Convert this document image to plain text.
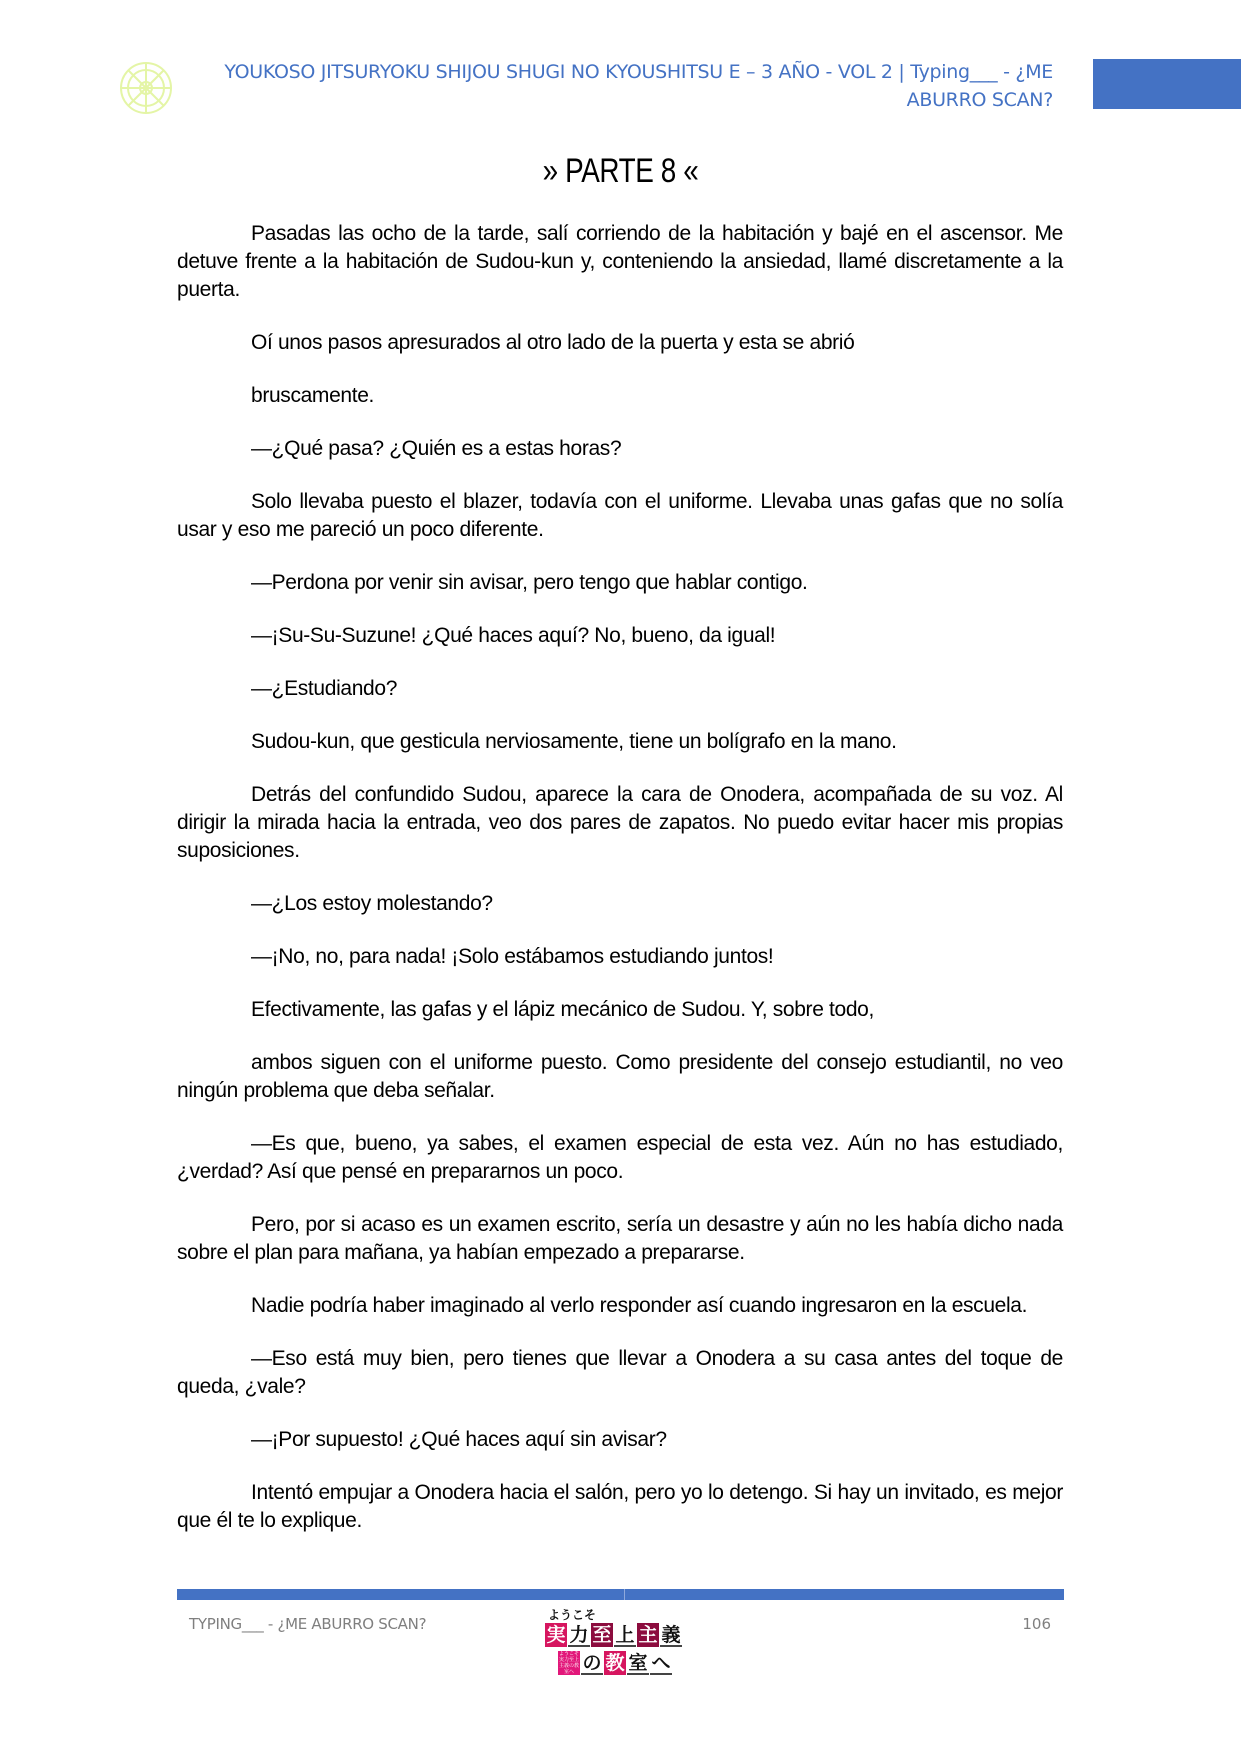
YOUKOSO JITSURYOKU SHIJOU SHUGI NO KYOUSHITSU E – 3 AÑO - VOL 2 | Typing___ - ¿ME ABURRO SCAN?
» PARTE 8 «

Pasadas las ocho de la tarde, salí corriendo de la habitación y bajé en el ascensor. Me detuve frente a la habitación de Sudou-kun y, conteniendo la ansiedad, llamé discretamente a la puerta.

Oí unos pasos apresurados al otro lado de la puerta y esta se abrió

bruscamente.

—¿Qué pasa? ¿Quién es a estas horas?

Solo llevaba puesto el blazer, todavía con el uniforme. Llevaba unas gafas que no solía usar y eso me pareció un poco diferente.

—Perdona por venir sin avisar, pero tengo que hablar contigo.

—¡Su-Su-Suzune! ¿Qué haces aquí? No, bueno, da igual!

—¿Estudiando?

Sudou-kun, que gesticula nerviosamente, tiene un bolígrafo en la mano.

Detrás del confundido Sudou, aparece la cara de Onodera, acompañada de su voz. Al dirigir la mirada hacia la entrada, veo dos pares de zapatos. No puedo evitar hacer mis propias suposiciones.

—¿Los estoy molestando?

—¡No, no, para nada! ¡Solo estábamos estudiando juntos!

Efectivamente, las gafas y el lápiz mecánico de Sudou. Y, sobre todo,

ambos siguen con el uniforme puesto. Como presidente del consejo estudiantil, no veo ningún problema que deba señalar.

—Es que, bueno, ya sabes, el examen especial de esta vez. Aún no has estudiado, ¿verdad? Así que pensé en prepararnos un poco.

Pero, por si acaso es un examen escrito, sería un desastre y aún no les había dicho nada sobre el plan para mañana, ya habían empezado a prepararse.

Nadie podría haber imaginado al verlo responder así cuando ingresaron en la escuela.

—Eso está muy bien, pero tienes que llevar a Onodera a su casa antes del toque de queda, ¿vale?

—¡Por supuesto! ¿Qué haces aquí sin avisar?

Intentó empujar a Onodera hacia el salón, pero yo lo detengo. Si hay un invitado, es mejor que él te lo explique.

TYPING___ - ¿ME ABURRO SCAN?	ようこそ
実 力 至 上 主 義
ようこそ実力至上主義の教室へ の 教 室 へ
106
